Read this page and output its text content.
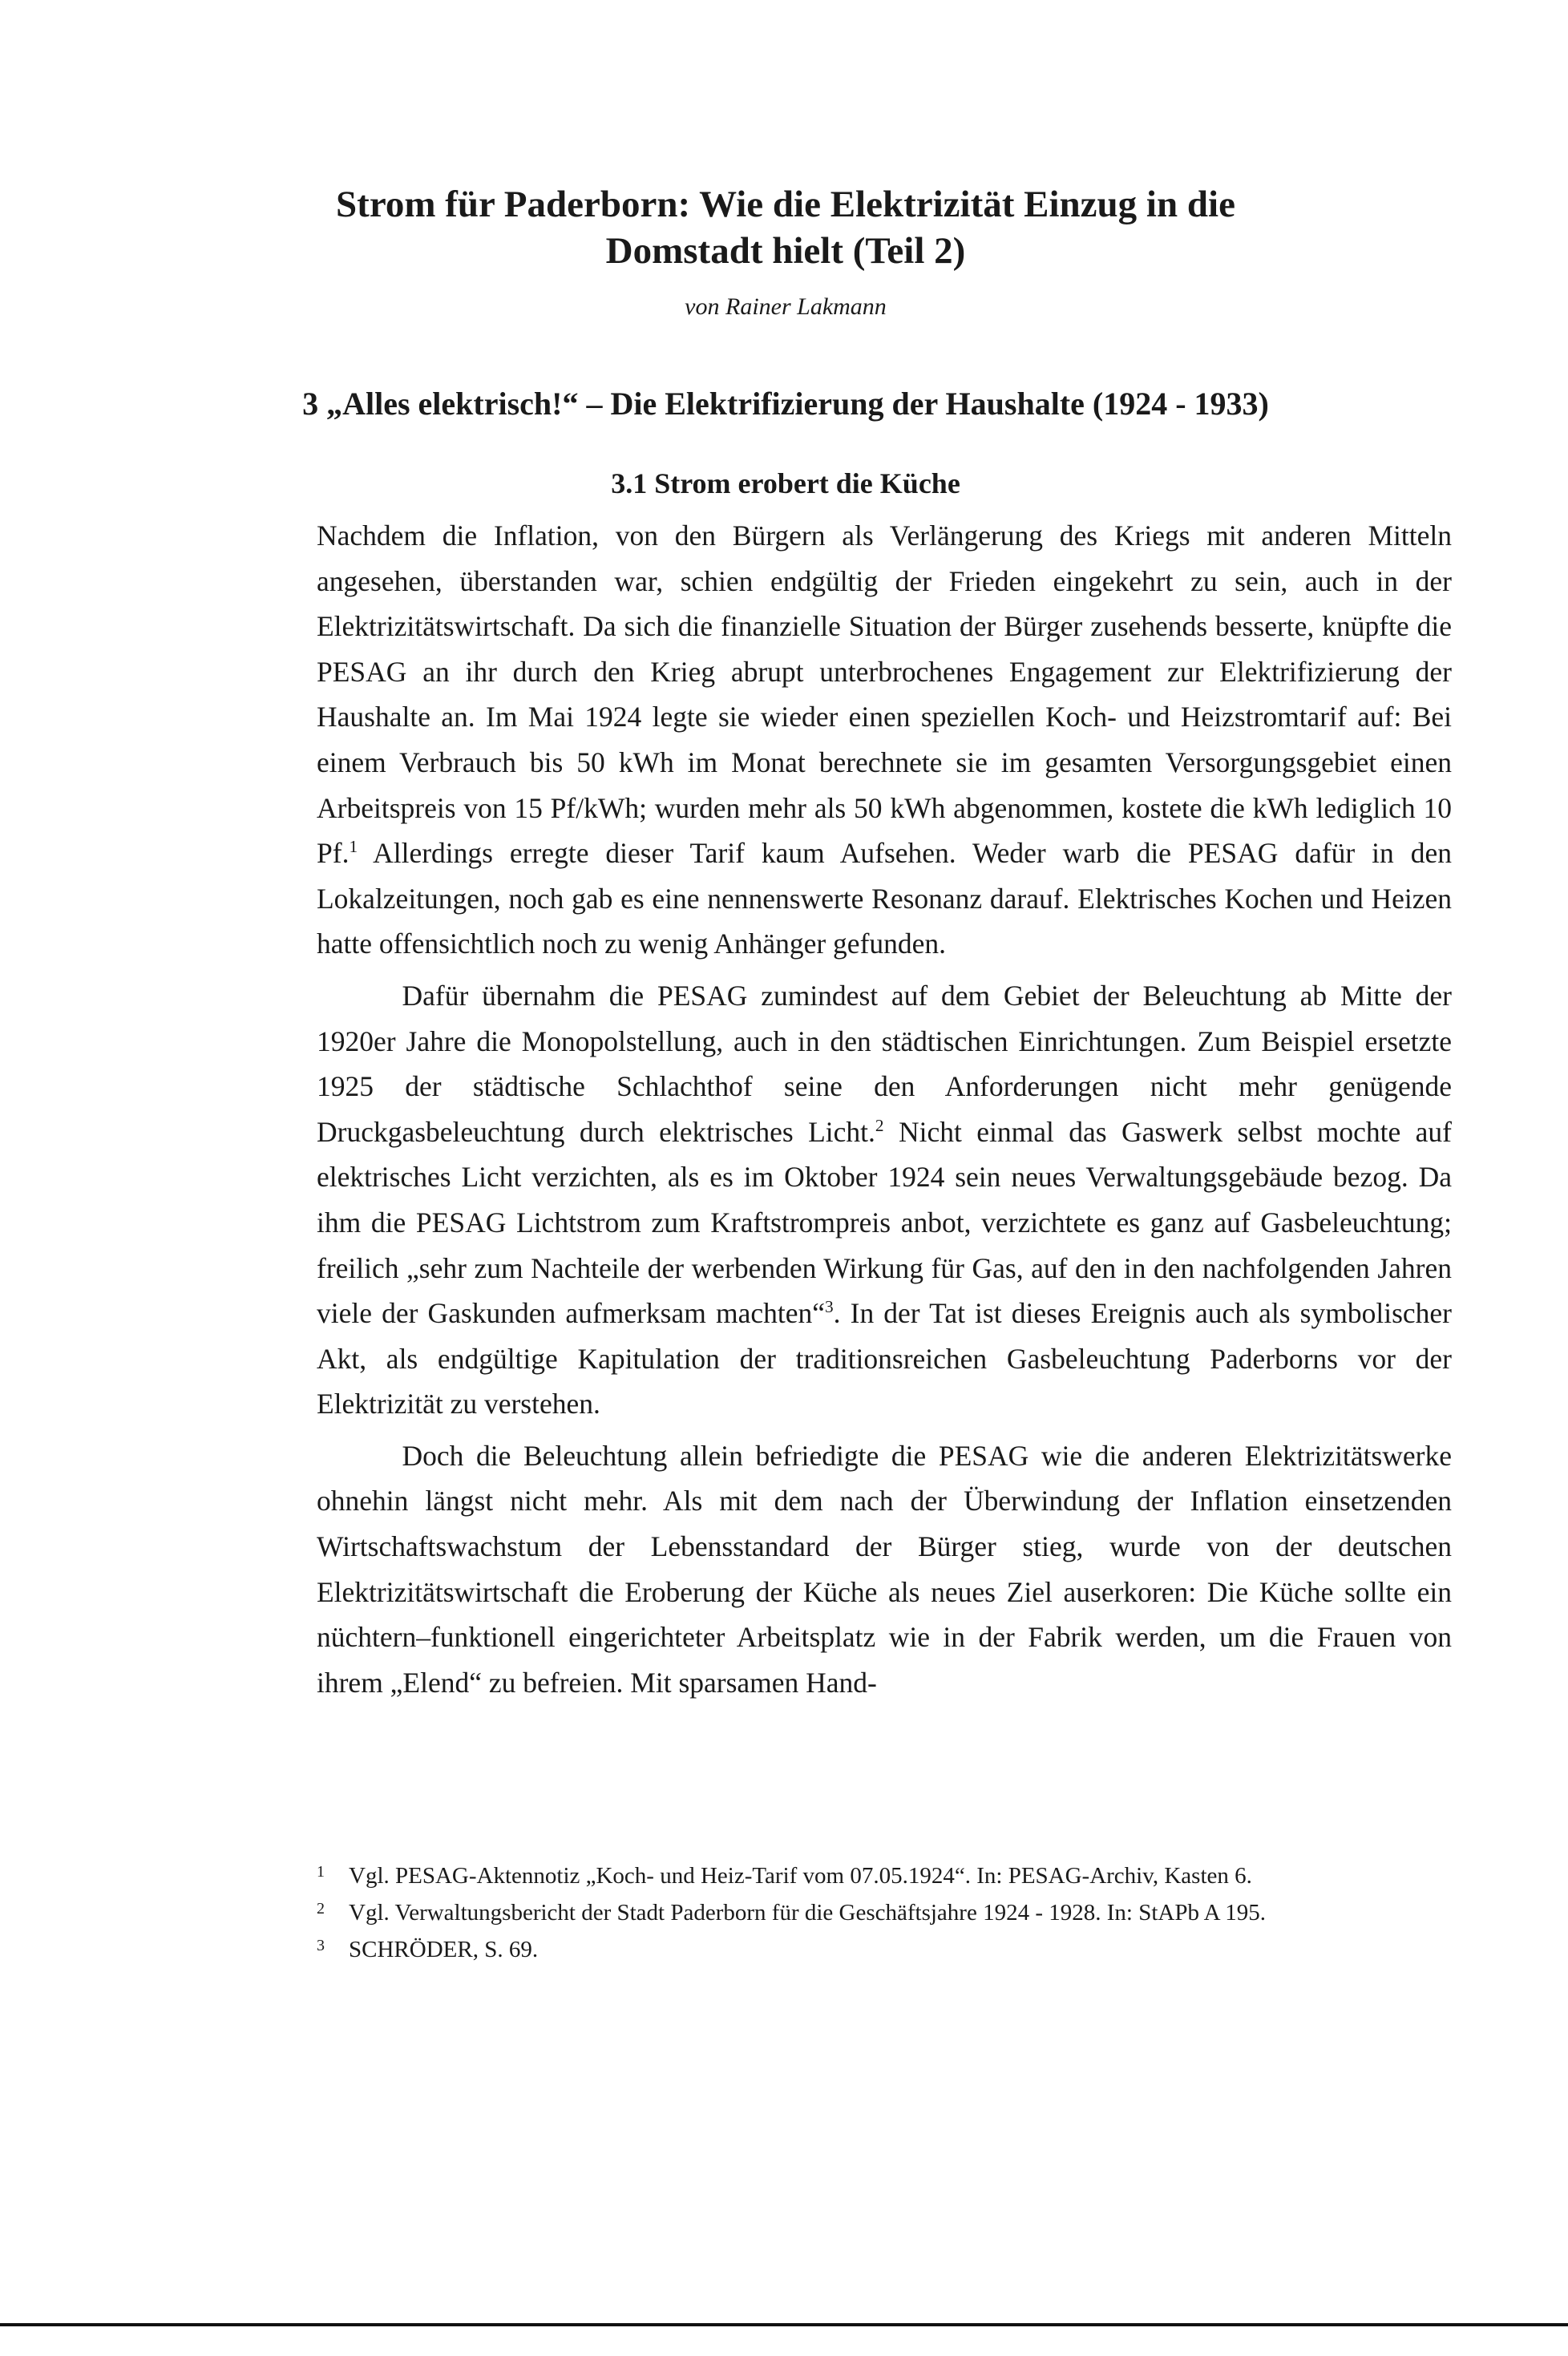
Strom für Paderborn: Wie die Elektrizität Einzug in die
Domstadt hielt (Teil 2)

von Rainer Lakmann

3 „Alles elektrisch!“ – Die Elektrifizierung der Haushalte (1924 - 1933)
3.1 Strom erobert die Küche

Nachdem die Inflation, von den Bürgern als Verlängerung des Kriegs mit anderen Mitteln angesehen, überstanden war, schien endgültig der Frieden eingekehrt zu sein, auch in der Elektrizitätswirtschaft. Da sich die finanzielle Situation der Bürger zusehends besserte, knüpfte die PESAG an ihr durch den Krieg abrupt unterbrochenes Engagement zur Elektrifizierung der Haushalte an. Im Mai 1924 legte sie wieder einen speziellen Koch- und Heizstromtarif auf: Bei einem Verbrauch bis 50 kWh im Monat berechnete sie im gesamten Versorgungsgebiet einen Arbeitspreis von 15 Pf/kWh; wurden mehr als 50 kWh abgenommen, kostete die kWh lediglich 10 Pf.$^1$ Allerdings erregte dieser Tarif kaum Aufsehen. Weder warb die PESAG dafür in den Lokalzeitungen, noch gab es eine nennenswerte Resonanz darauf. Elektrisches Kochen und Heizen hatte offensichtlich noch zu wenig Anhänger gefunden.

Dafür übernahm die PESAG zumindest auf dem Gebiet der Beleuchtung ab Mitte der 1920er Jahre die Monopolstellung, auch in den städtischen Einrichtungen. Zum Beispiel ersetzte 1925 der städtische Schlachthof seine den Anforderungen nicht mehr genügende Druckgasbeleuchtung durch elektrisches Licht.$^2$ Nicht einmal das Gaswerk selbst mochte auf elektrisches Licht verzichten, als es im Oktober 1924 sein neues Verwaltungsgebäude bezog. Da ihm die PESAG Lichtstrom zum Kraftstrompreis anbot, verzichtete es ganz auf Gasbeleuchtung; freilich „sehr zum Nachteile der werbenden Wirkung für Gas, auf den in den nachfolgenden Jahren viele der Gaskunden aufmerksam machten“$^3$. In der Tat ist dieses Ereignis auch als symbolischer Akt, als endgültige Kapitulation der traditionsreichen Gasbeleuchtung Paderborns vor der Elektrizität zu verstehen.

Doch die Beleuchtung allein befriedigte die PESAG wie die anderen Elektrizitätswerke ohnehin längst nicht mehr. Als mit dem nach der Überwindung der Inflation einsetzenden Wirtschaftswachstum der Lebensstandard der Bürger stieg, wurde von der deutschen Elektrizitätswirtschaft die Eroberung der Küche als neues Ziel auserkoren: Die Küche sollte ein nüchtern–funktionell eingerichteter Arbeitsplatz wie in der Fabrik werden, um die Frauen von ihrem „Elend“ zu befreien. Mit sparsamen Hand-

1	Vgl. PESAG-Aktennotiz „Koch- und Heiz-Tarif vom 07.05.1924“. In: PESAG-Archiv, Kasten 6.
2	Vgl. Verwaltungsbericht der Stadt Paderborn für die Geschäftsjahre 1924 - 1928. In: StAPb A 195.
3	SCHRÖDER, S. 69.
